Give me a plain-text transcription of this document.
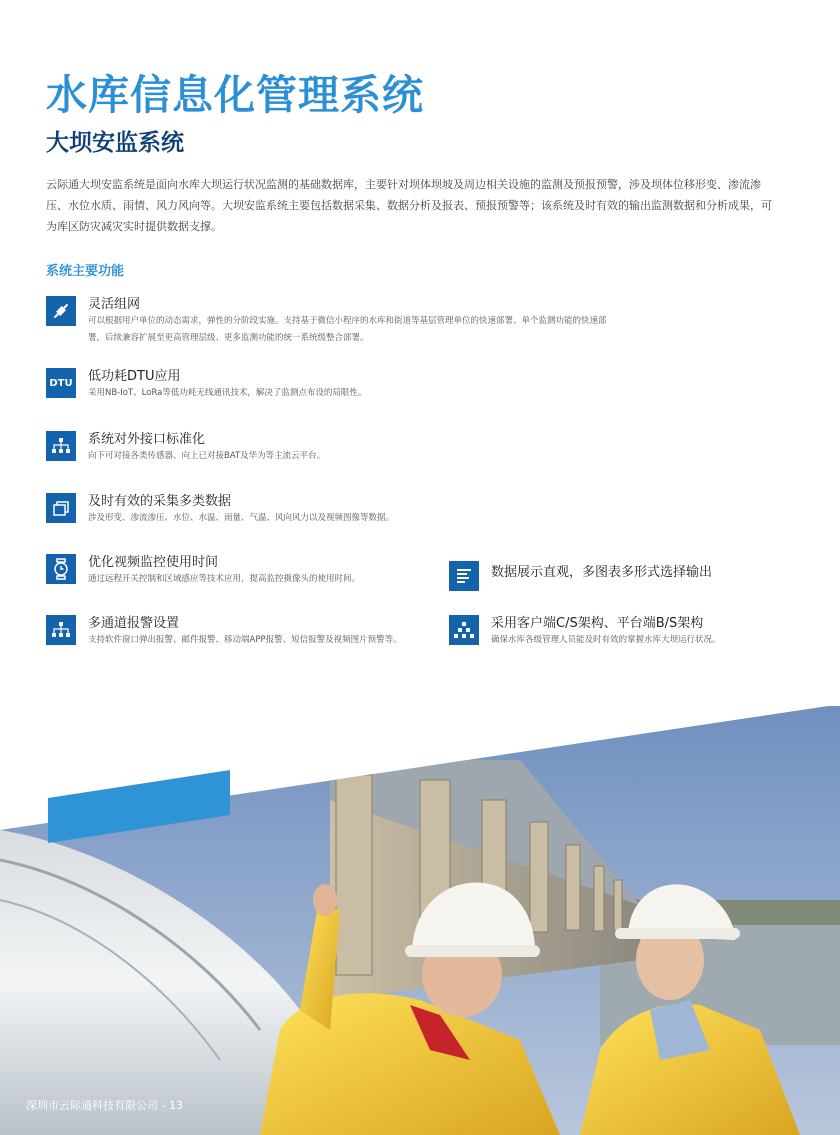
水库信息化管理系统
大坝安监系统

云际通大坝安监系统是面向水库大坝运行状况监测的基础数据库，主要针对坝体坝坡及周边相关设施的监测及预报预警，涉及坝体位移形变、渗流渗压、水位水质、雨情、风力风向等。大坝安监系统主要包括数据采集、数据分析及报表、预报预警等；该系统及时有效的输出监测数据和分析成果，可为库区防灾减灾实时提供数据支撑。

系统主要功能
灵活组网
可以根据用户单位的动态需求，弹性的分阶段实施。支持基于微信小程序的水库和街道等基层管理单位的快速部署、单个监测功能的快速部署，后续兼容扩展至更高管理层级、更多监测功能的统一系统级整合部署。
DTU 低功耗DTU应用
采用NB-IoT、LoRa等低功耗无线通讯技术，解决了监测点布设的局限性。
系统对外接口标准化
向下可对接各类传感器、向上已对接BAT及华为等主流云平台。
及时有效的采集多类数据
涉及形变、渗流渗压、水位、水温、雨量、气温、风向风力以及视频图像等数据。
优化视频监控使用时间
通过远程开关控制和区域感应等技术应用，提高监控摄像头的使用时间。
多通道报警设置
支持软件窗口弹出报警、邮件报警、移动端APP报警、短信报警及视频图片预警等。
数据展示直观，多图表多形式选择输出
采用客户端C/S架构、平台端B/S架构
确保水库各级管理人员能及时有效的掌握水库大坝运行状况。
深圳市云际通科技有限公司 - 13
